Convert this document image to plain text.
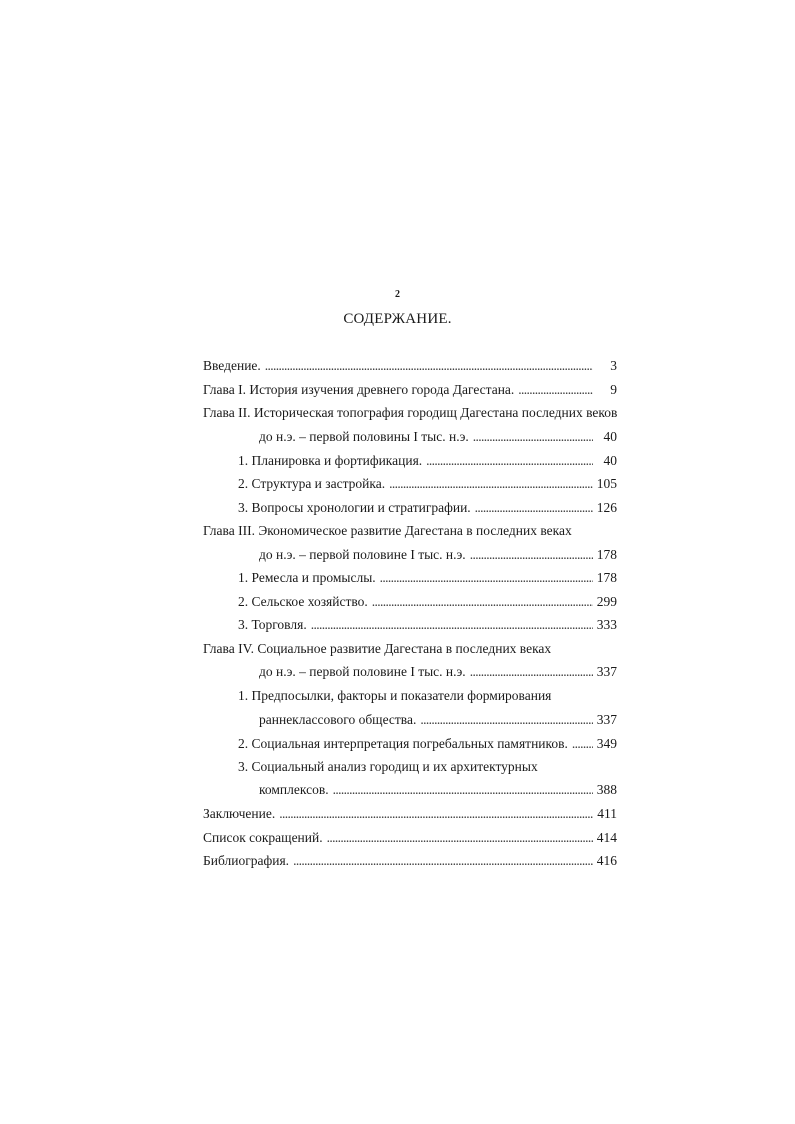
2
СОДЕРЖАНИЕ.
Введение. . . .	3
Глава I. История изучения древнего города Дагестана. . . .	9
Глава II. Историческая топография городищ Дагестана последних веков
до н.э. – первой половины I тыс. н.э. . . .	40
1. Планировка и фортификация. . . .	40
2. Структура и застройка. . . .	105
3. Вопросы хронологии и стратиграфии. . . .	126
Глава III. Экономическое развитие Дагестана в последних веках
до н.э. – первой половине I тыс. н.э. . . .	178
1. Ремесла и промыслы. . . .	178
2. Сельское хозяйство. . . .	299
3. Торговля. . . .	333
Глава IV. Социальное развитие Дагестана в последних веках
до н.э. – первой половине I тыс. н.э. . . .	337
1. Предпосылки, факторы и показатели формирования
раннеклассового общества. . . .	337
2. Социальная интерпретация погребальных памятников. . . . 349
3. Социальный анализ городищ и их архитектурных
комплексов. . . .	388
Заключение. . . .	411
Список сокращений. . . .	414
Библиография. . . .	416
